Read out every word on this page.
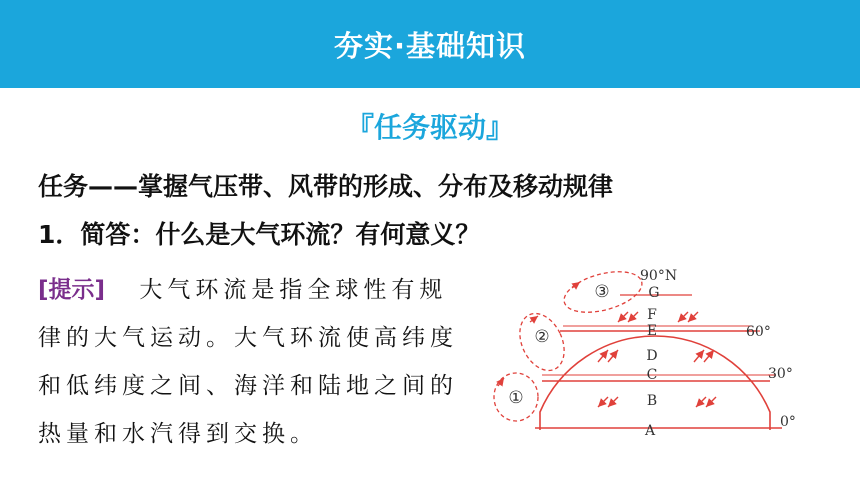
夯实·基础知识
『任务驱动』
任务——掌握气压带、风带的形成、分布及移动规律
1．简答：什么是大气环流？有何意义？
[提示] 大气环流是指全球性有规
律的大气运动。大气环流使高纬度
和低纬度之间、海洋和陆地之间的
热量和水汽得到交换。	A
B
C
D
E
F
G
0°
30°
60°
90°N
①
②
③
